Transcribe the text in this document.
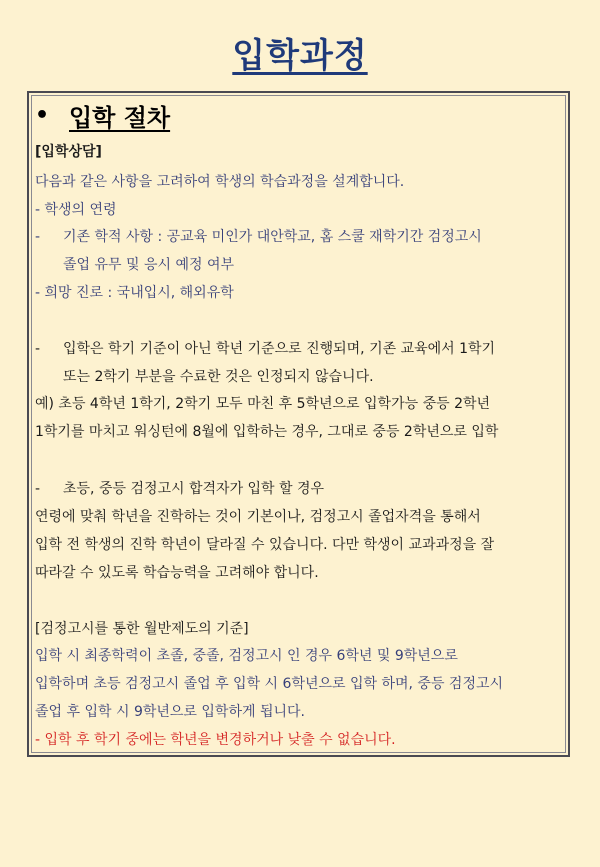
입학과정
• 입학 절차
[입학상담]
다음과 같은 사항을 고려하여 학생의 학습과정을 설계합니다.
- 학생의 연령
- 기존 학적 사항 : 공교육 미인가 대안학교, 홈 스쿨 재학기간 검정고시
졸업 유무 및 응시 예정 여부
- 희망 진로 : 국내입시, 해외유학
- 입학은 학기 기준이 아닌 학년 기준으로 진행되며, 기존 교육에서 1학기
또는 2학기 부분을 수료한 것은 인정되지 않습니다.
예) 초등 4학년 1학기, 2학기 모두 마친 후 5학년으로 입학가능 중등 2학년
1학기를 마치고 워싱턴에 8월에 입학하는 경우, 그대로 중등 2학년으로 입학
- 초등, 중등 검정고시 합격자가 입학 할 경우
연령에 맞춰 학년을 진학하는 것이 기본이나, 검정고시 졸업자격을 통해서
입학 전 학생의 진학 학년이 달라질 수 있습니다. 다만 학생이 교과과정을 잘
따라갈 수 있도록 학습능력을 고려해야 합니다.
[검정고시를 통한 월반제도의 기준]
입학 시 최종학력이 초졸, 중졸, 검정고시 인 경우 6학년 및 9학년으로
입학하며 초등 검정고시 졸업 후 입학 시 6학년으로 입학 하며, 중등 검정고시
졸업 후 입학 시 9학년으로 입학하게 됩니다.
- 입학 후 학기 중에는 학년을 변경하거나 낮출 수 없습니다.
